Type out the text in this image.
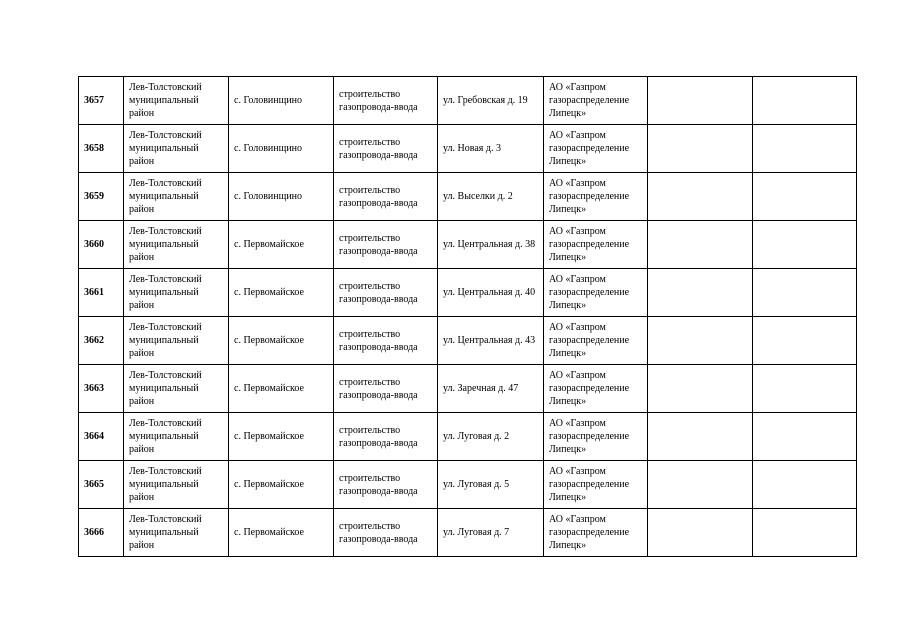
3657	Лев-Толстовский муниципальный район	с. Головинщино	строительство газопровода-ввода	ул. Гребовская д. 19	АО «Газпром газораспределение Липецк»		
3658	Лев-Толстовский муниципальный район	с. Головинщино	строительство газопровода-ввода	ул. Новая д. 3	АО «Газпром газораспределение Липецк»		
3659	Лев-Толстовский муниципальный район	с. Головинщино	строительство газопровода-ввода	ул. Выселки д. 2	АО «Газпром газораспределение Липецк»		
3660	Лев-Толстовский муниципальный район	с. Первомайское	строительство газопровода-ввода	ул. Центральная д. 38	АО «Газпром газораспределение Липецк»		
3661	Лев-Толстовский муниципальный район	с. Первомайское	строительство газопровода-ввода	ул. Центральная д. 40	АО «Газпром газораспределение Липецк»		
3662	Лев-Толстовский муниципальный район	с. Первомайское	строительство газопровода-ввода	ул. Центральная д. 43	АО «Газпром газораспределение Липецк»		
3663	Лев-Толстовский муниципальный район	с. Первомайское	строительство газопровода-ввода	ул. Заречная д. 47	АО «Газпром газораспределение Липецк»		
3664	Лев-Толстовский муниципальный район	с. Первомайское	строительство газопровода-ввода	ул. Луговая д. 2	АО «Газпром газораспределение Липецк»		
3665	Лев-Толстовский муниципальный район	с. Первомайское	строительство газопровода-ввода	ул. Луговая д. 5	АО «Газпром газораспределение Липецк»		
3666	Лев-Толстовский муниципальный район	с. Первомайское	строительство газопровода-ввода	ул. Луговая д. 7	АО «Газпром газораспределение Липецк»		
